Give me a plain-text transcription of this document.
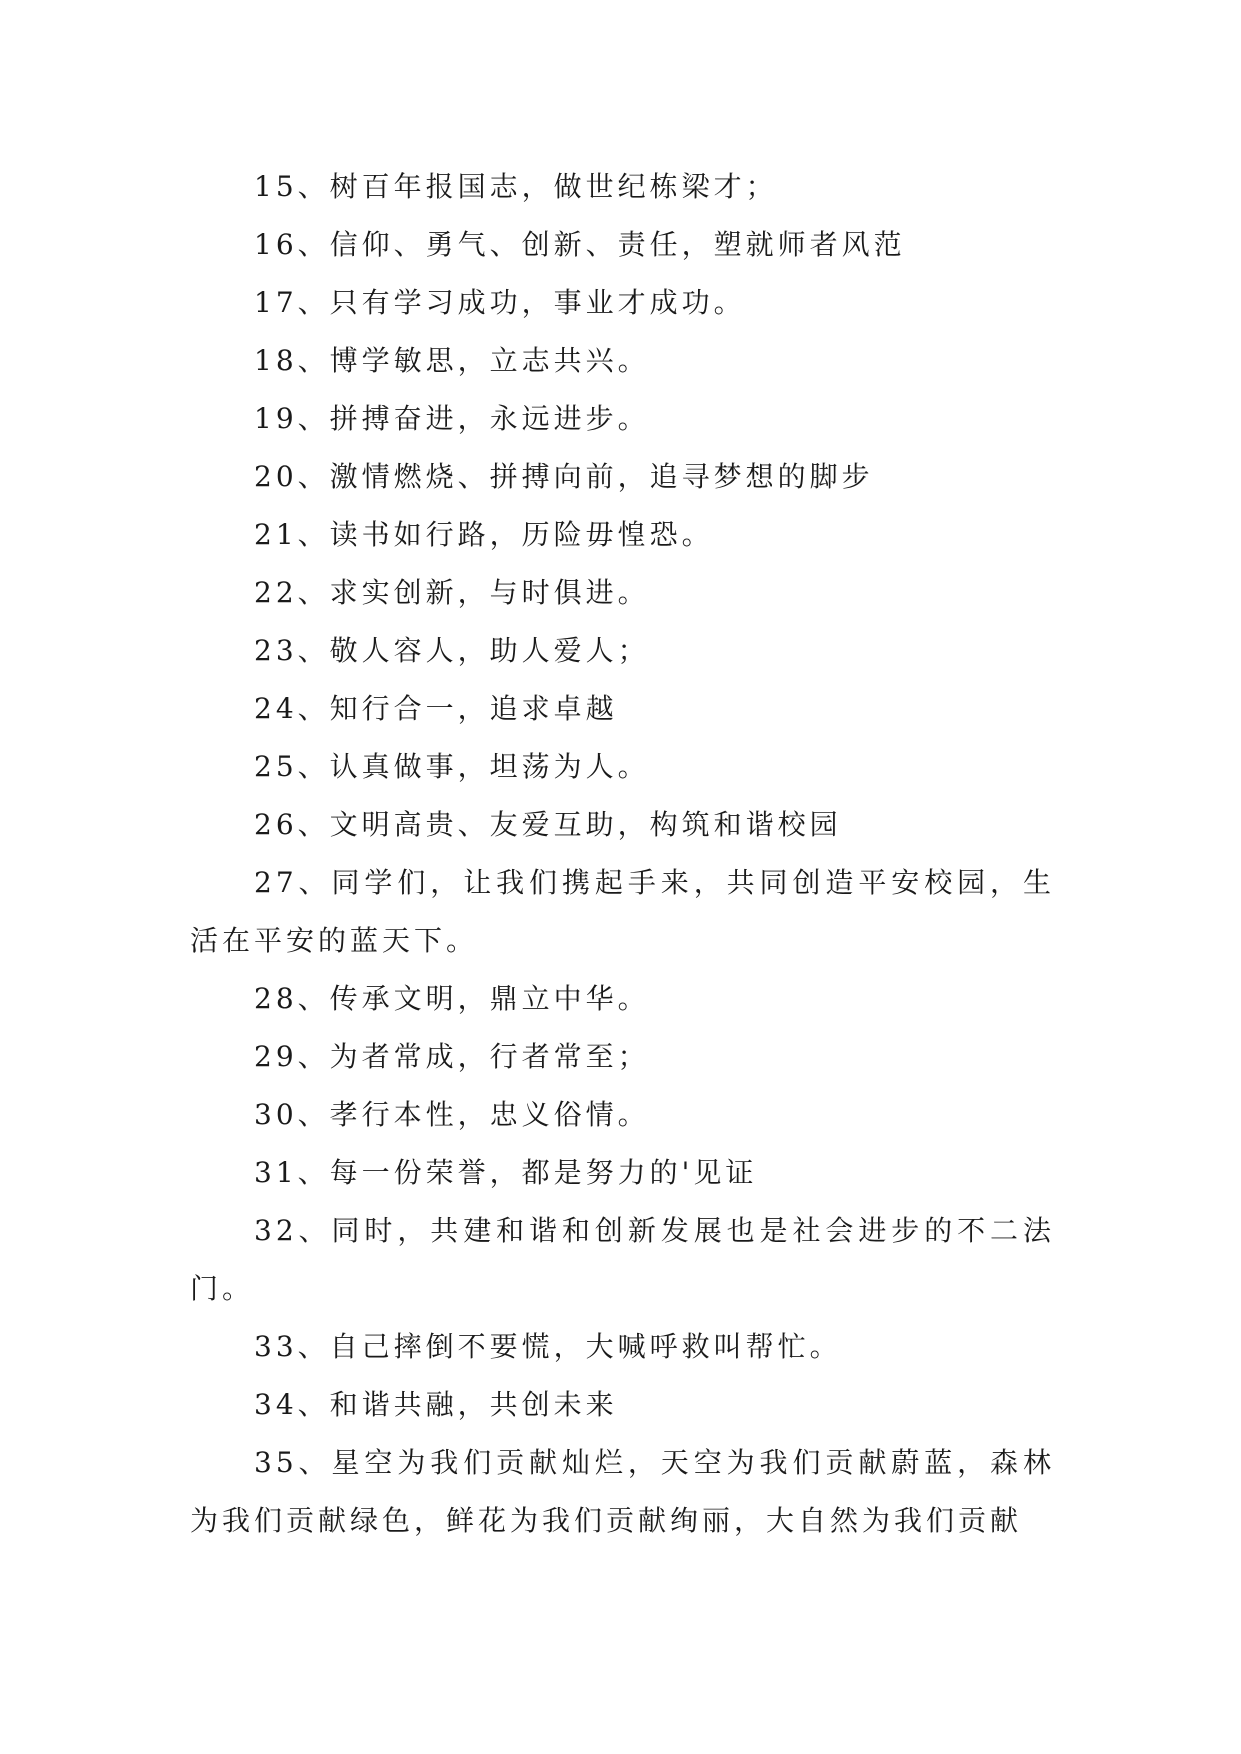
15、树百年报国志，做世纪栋梁才；

16、信仰、勇气、创新、责任，塑就师者风范

17、只有学习成功，事业才成功。

18、博学敏思，立志共兴。

19、拼搏奋进，永远进步。

20、激情燃烧、拼搏向前，追寻梦想的脚步

21、读书如行路，历险毋惶恐。

22、求实创新，与时俱进。

23、敬人容人，助人爱人；

24、知行合一，追求卓越

25、认真做事，坦荡为人。

26、文明高贵、友爱互助，构筑和谐校园

27、同学们，让我们携起手来，共同创造平安校园，生活在平安的蓝天下。

28、传承文明，鼎立中华。

29、为者常成，行者常至；

30、孝行本性，忠义俗情。

31、每一份荣誉，都是努力的'见证

32、同时，共建和谐和创新发展也是社会进步的不二法门。

33、自己摔倒不要慌，大喊呼救叫帮忙。

34、和谐共融，共创未来

35、星空为我们贡献灿烂，天空为我们贡献蔚蓝，森林为我们贡献绿色，鲜花为我们贡献绚丽，大自然为我们贡献
